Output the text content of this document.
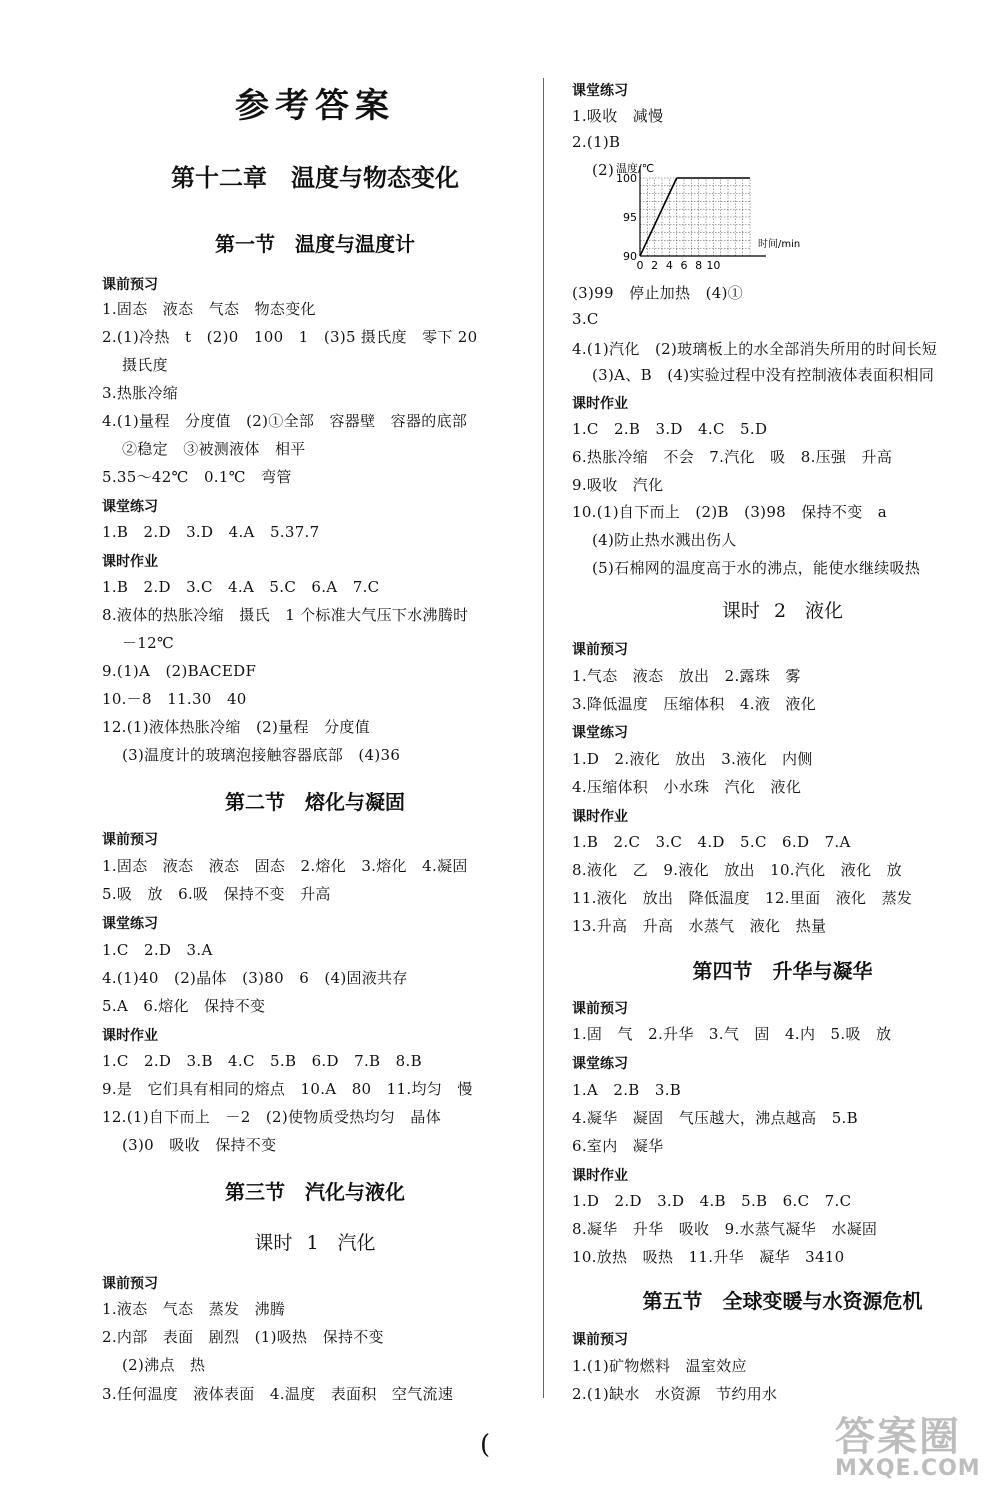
参考答案
第十二章　温度与物态变化
第一节　温度与温度计
课前预习
1.固态　液态　气态　物态变化
2.(1)冷热　t　(2)0　100　1　(3)5 摄氏度　零下 20
摄氏度
3.热胀冷缩
4.(1)量程　分度值　(2)①全部　容器壁　容器的底部
②稳定　③被测液体　相平
5.35～42℃　0.1℃　弯管
课堂练习
1.B　2.D　3.D　4.A　5.37.7
课时作业
1.B　2.D　3.C　4.A　5.C　6.A　7.C
8.液体的热胀冷缩　摄氏　1 个标准大气压下水沸腾时
－12℃
9.(1)A　(2)BACEDF
10.－8　11.30　40
12.(1)液体热胀冷缩　(2)量程　分度值
(3)温度计的玻璃泡接触容器底部　(4)36
第二节　熔化与凝固
课前预习
1.固态　液态　液态　固态　2.熔化　3.熔化　4.凝固
5.吸　放　6.吸　保持不变　升高
课堂练习
1.C　2.D　3.A
4.(1)40　(2)晶体　(3)80　6　(4)固液共存
5.A　6.熔化　保持不变
课时作业
1.C　2.D　3.B　4.C　5.B　6.D　7.B　8.B
9.是　它们具有相同的熔点　10.A　80　11.均匀　慢
12.(1)自下而上　－2　(2)使物质受热均匀　晶体
(3)0　吸收　保持不变
第三节　汽化与液化
课时 1　汽化
课前预习
1.液态　气态　蒸发　沸腾
2.内部　表面　剧烈　(1)吸热　保持不变
(2)沸点　热
3.任何温度　液体表面　4.温度　表面积　空气流速
课堂练习
1.吸收　减慢
2.(1)B
(2)
0 2 4 6 8 10
90
95
100
温度/℃
时间/min
(3)99　停止加热　(4)①
3.C
4.(1)汽化　(2)玻璃板上的水全部消失所用的时间长短
(3)A、B　(4)实验过程中没有控制液体表面积相同
课时作业
1.C　2.B　3.D　4.C　5.D
6.热胀冷缩　不会　7.汽化　吸　8.压强　升高
9.吸收　汽化
10.(1)自下而上　(2)B　(3)98　保持不变　a
(4)防止热水溅出伤人
(5)石棉网的温度高于水的沸点，能使水继续吸热
课时 2　液化
课前预习
1.气态　液态　放出　2.露珠　雾
3.降低温度　压缩体积　4.液　液化
课堂练习
1.D　2.液化　放出　3.液化　内侧
4.压缩体积　小水珠　汽化　液化
课时作业
1.B　2.C　3.C　4.D　5.C　6.D　7.A
8.液化　乙　9.液化　放出　10.汽化　液化　放
11.液化　放出　降低温度　12.里面　液化　蒸发
13.升高　升高　水蒸气　液化　热量
第四节　升华与凝华
课前预习
1.固　气　2.升华　3.气　固　4.内　5.吸　放
课堂练习
1.A　2.B　3.B
4.凝华　凝固　气压越大，沸点越高　5.B
6.室内　凝华
课时作业
1.D　2.D　3.D　4.B　5.B　6.C　7.C
8.凝华　升华　吸收　9.水蒸气凝华　水凝固
10.放热　吸热　11.升华　凝华　3410
第五节　全球变暖与水资源危机
课前预习
1.(1)矿物燃料　温室效应
2.(1)缺水　水资源　节约用水
(	答案圈
MXQE.COM
